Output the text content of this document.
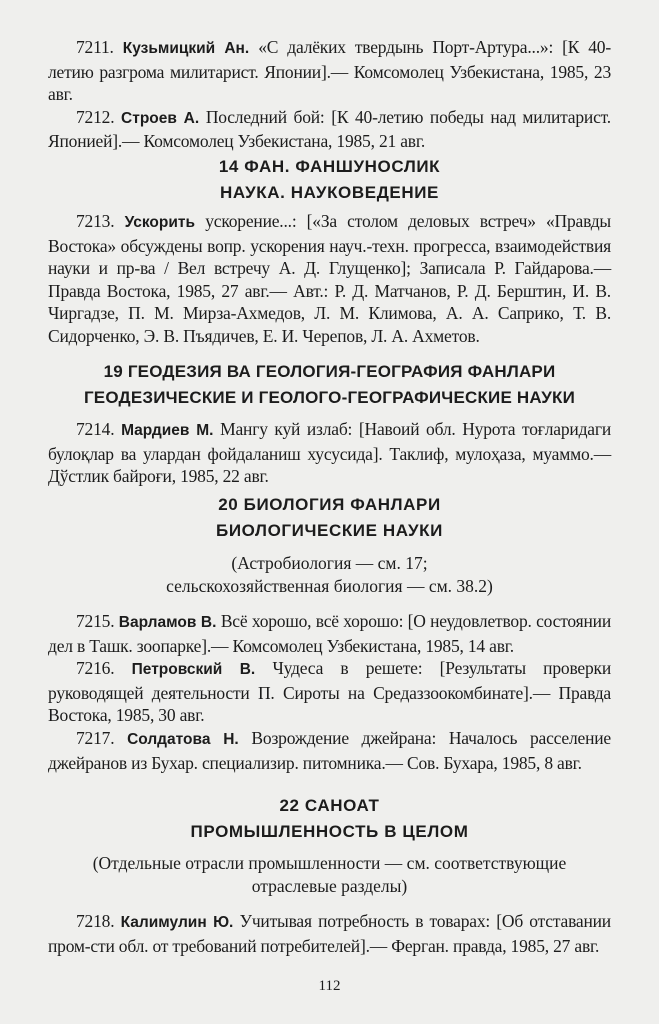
7211. Кузьмицкий Ан. «С далёких твердынь Порт-Артура...»: [К 40-летию разгрома милитарист. Японии].— Комсомолец Узбекистана, 1985, 23 авг.

7212. Строев А. Последний бой: [К 40-летию победы над милитарист. Японией].— Комсомолец Узбекистана, 1985, 21 авг.

14 ФАН. ФАНШУНОСЛИК

НАУКА. НАУКОВЕДЕНИЕ

7213. Ускорить ускорение...: [«За столом деловых встреч» «Правды Востока» обсуждены вопр. ускорения науч.-техн. прогресса, взаимодействия науки и пр-ва / Вел встречу А. Д. Глущенко]; Записала Р. Гайдарова.— Правда Востока, 1985, 27 авг.— Авт.: Р. Д. Матчанов, Р. Д. Берштин, И. В. Чиргадзе, П. М. Мирза-Ахмедов, Л. М. Климова, А. А. Саприко, Т. В. Сидорченко, Э. В. Пъядичев, Е. И. Черепов, Л. А. Ахметов.

19 ГЕОДЕЗИЯ ВА ГЕОЛОГИЯ-ГЕОГРАФИЯ ФАНЛАРИ

ГЕОДЕЗИЧЕСКИЕ И ГЕОЛОГО-ГЕОГРАФИЧЕСКИЕ НАУКИ

7214. Мардиев М. Мангу куй излаб: [Навоий обл. Нурота тоғларидаги булоқлар ва улардан фойдаланиш хусусида]. Таклиф, мулоҳаза, муаммо.— Дўстлик байроғи, 1985, 22 авг.

20 БИОЛОГИЯ ФАНЛАРИ

БИОЛОГИЧЕСКИЕ НАУКИ

(Астробиология — см. 17;

сельскохозяйственная биология — см. 38.2)

7215. Варламов В. Всё хорошо, всё хорошо: [О неудовлетвор. состоянии дел в Ташк. зоопарке].— Комсомолец Узбекистана, 1985, 14 авг.

7216. Петровский В. Чудеса в решете: [Результаты проверки руководящей деятельности П. Сироты на Средаззоокомбинате].— Правда Востока, 1985, 30 авг.

7217. Солдатова Н. Возрождение джейрана: Началось расселение джейранов из Бухар. специализир. питомника.— Сов. Бухара, 1985, 8 авг.

22 САНОАТ

ПРОМЫШЛЕННОСТЬ В ЦЕЛОМ

(Отдельные отрасли промышленности — см. соответствующие

отраслевые разделы)

7218. Калимулин Ю. Учитывая потребность в товарах: [Об отставании пром-сти обл. от требований потребителей].— Ферган. правда, 1985, 27 авг.

112
